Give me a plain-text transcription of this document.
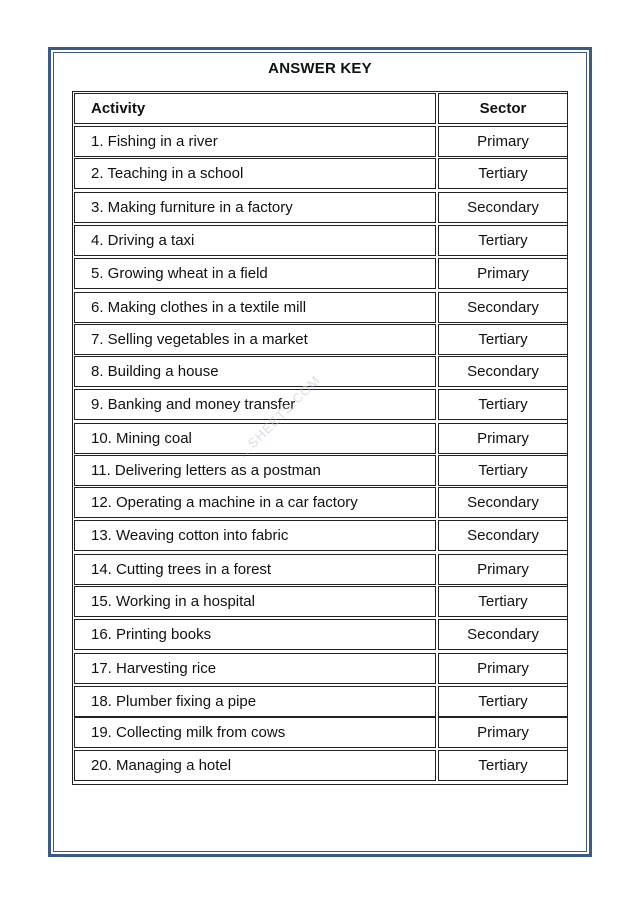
ANSWER KEY
Activity	Sector
1. Fishing in a river	Primary
2. Teaching in a school	Tertiary
3. Making furniture in a factory	Secondary
4. Driving a taxi	Tertiary
5. Growing wheat in a field	Primary
6. Making clothes in a textile mill	Secondary
7. Selling vegetables in a market	Tertiary
8. Building a house	Secondary
9. Banking and money transfer	Tertiary
10. Mining coal	Primary
11. Delivering letters as a postman	Tertiary
12. Operating a machine in a car factory	Secondary
13. Weaving cotton into fabric	Secondary
14. Cutting trees in a forest	Primary
15. Working in a hospital	Tertiary
16. Printing books	Secondary
17. Harvesting rice	Primary
18. Plumber fixing a pipe	Tertiary
19. Collecting milk from cows	Primary
20. Managing a hotel	Tertiary
...SHEETS.COM
